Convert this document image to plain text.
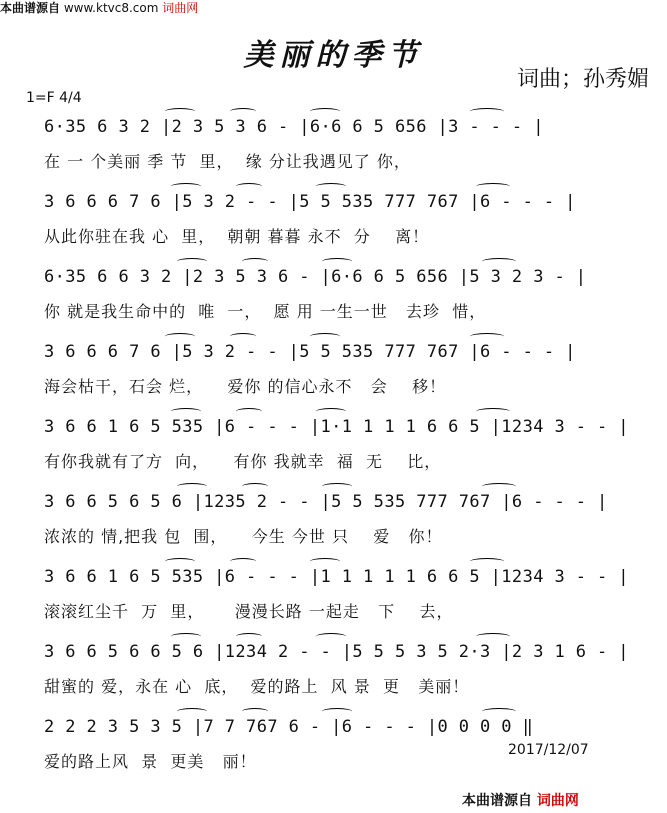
本曲谱源自 www.ktvc8.com 词曲网
美丽的季节
词曲；孙秀媚
1=F 4/4
6·35 6 3 2 |2 3 5 3 6 - |6·6 6 5 656 |3 - - - |
在 一 个美丽 季 节  里，  缘 分让我遇见了 你，
3 6 6 6 7 6 |5 3 2 - - |5 5 535 777 767 |6 - - - |
从此你驻在我 心  里，  朝朝 暮暮 永不  分    离！
6·35 6 6 3 2 |2 3 5 3 6 - |6·6 6 5 656 |5 3 2 3 - |
你 就是我生命中的  唯  一，  愿 用 一生一世   去珍  惜，
3 6 6 6 7 6 |5 3 2 - - |5 5 535 777 767 |6 - - - |
海会枯干，石会 烂，    爱你 的信心永不   会    移！
3 6 6 1 6 5 535 |6 - - - |1·1 1 1 1 6 6 5 |1234 3 - - |
有你我就有了方  向，    有你 我就幸  福  无    比，
3 6 6 5 6 5 6 |1235 2 - - |5 5 535 777 767 |6 - - - |
浓浓的 情,把我 包  围，    今生 今世 只    爱   你！
3 6 6 1 6 5 535 |6 - - - |1 1 1 1 1 6 6 5 |1234 3 - - |
滚滚红尘千  万  里，     漫漫长路 一起走   下    去，
3 6 6 5 6 6 5 6 |1234 2 - - |5 5 5 3 5 2·3 |2 3 1 6 - |
甜蜜的 爱，永在 心  底，  爱的路上  风 景  更   美丽！
2 2 2 3 5 3 5 |7 7 767 6 - |6 - - - |0 0 0 0 ‖
爱的路上风  景  更美   丽！
2017/12/07
本曲谱源自 词曲网
